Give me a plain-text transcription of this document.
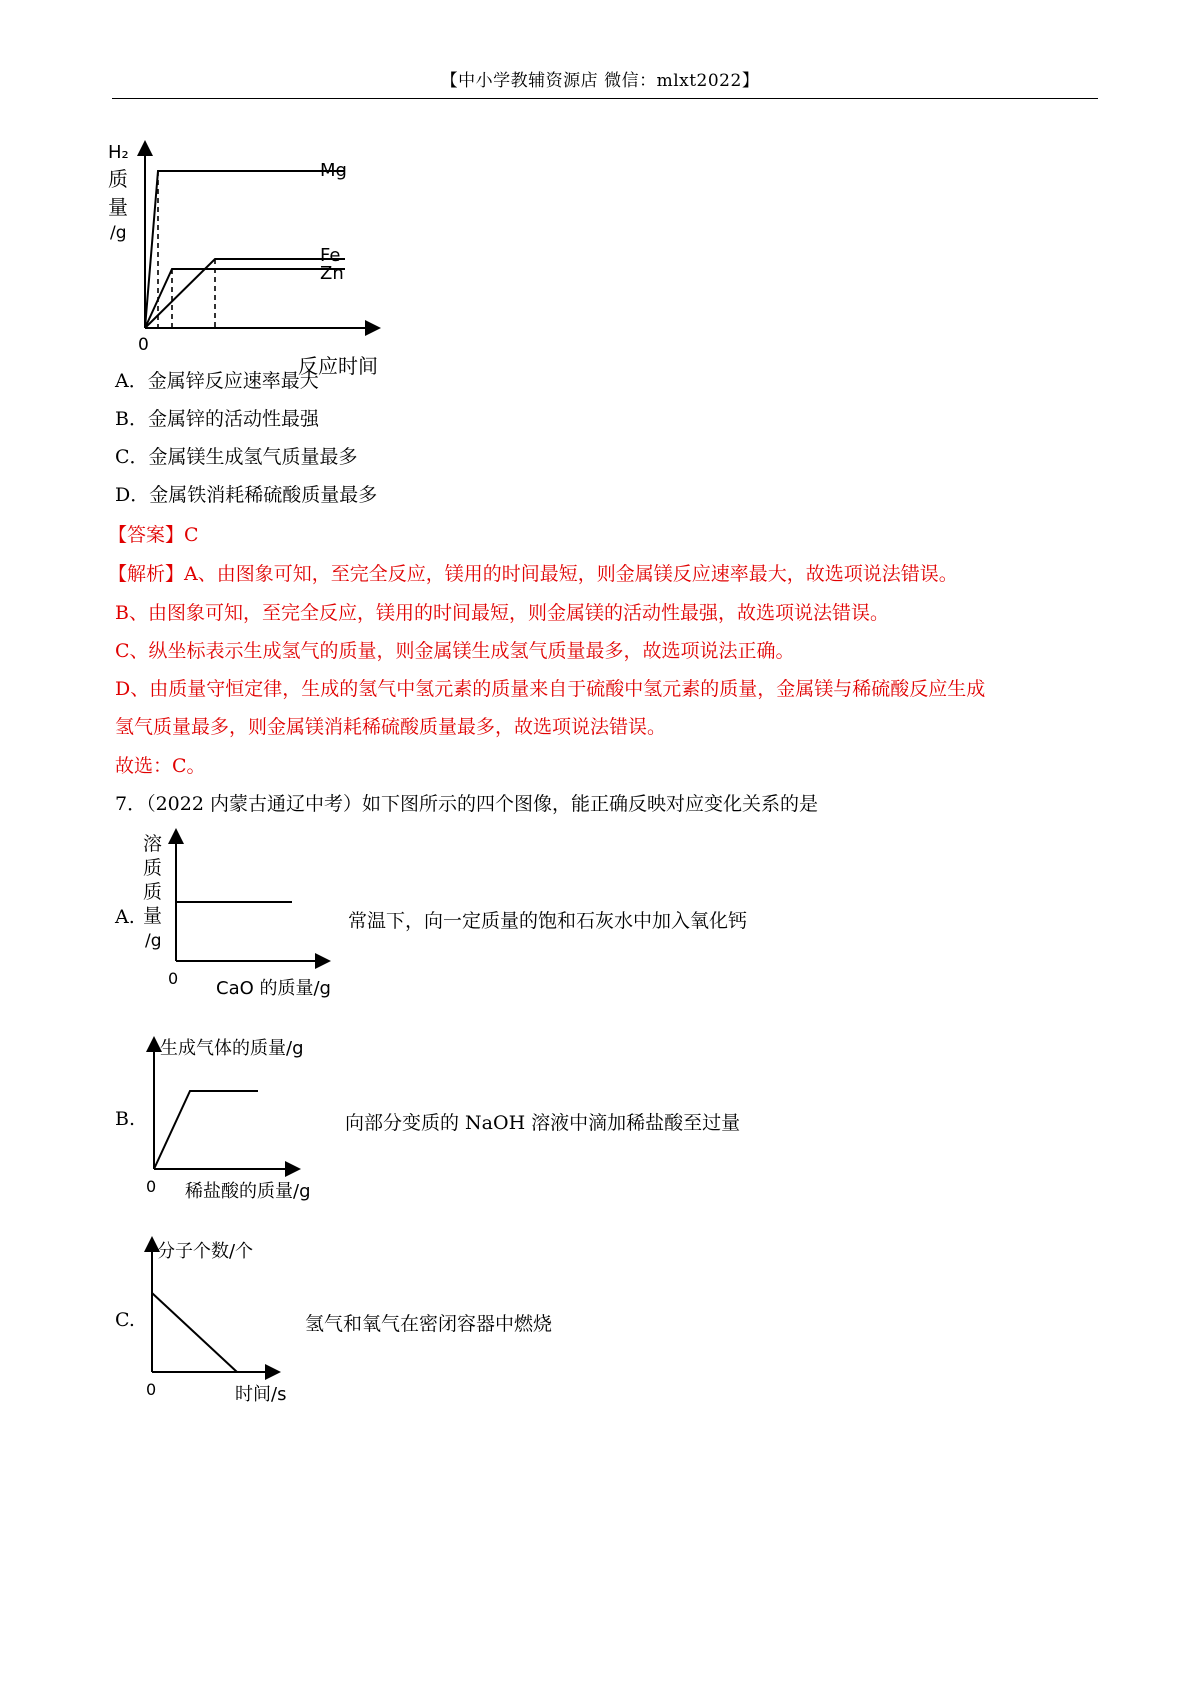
【中小学教辅资源店 微信：mlxt2022】
H₂
质
量
/g
0
反应时间
Mg
Fe
Zn
A．金属锌反应速率最大
B．金属锌的活动性最强
C．金属镁生成氢气质量最多
D．金属铁消耗稀硫酸质量最多
【答案】C
【解析】A、由图象可知，至完全反应，镁用的时间最短，则金属镁反应速率最大，故选项说法错误。
B、由图象可知，至完全反应，镁用的时间最短，则金属镁的活动性最强，故选项说法错误。
C、纵坐标表示生成氢气的质量，则金属镁生成氢气质量最多，故选项说法正确。
D、由质量守恒定律，生成的氢气中氢元素的质量来自于硫酸中氢元素的质量，金属镁与稀硫酸反应生成
氢气质量最多，则金属镁消耗稀硫酸质量最多，故选项说法错误。
故选：C。
7．（2022 内蒙古通辽中考）如下图所示的四个图像，能正确反映对应变化关系的是
A.
溶
质
质
量
/g
0 CaO 的质量/g
常温下，向一定质量的饱和石灰水中加入氧化钙
B.
生成气体的质量/g
0 稀盐酸的质量/g
向部分变质的 NaOH 溶液中滴加稀盐酸至过量
C.
分子个数/个
0	时间/s
氢气和氧气在密闭容器中燃烧
